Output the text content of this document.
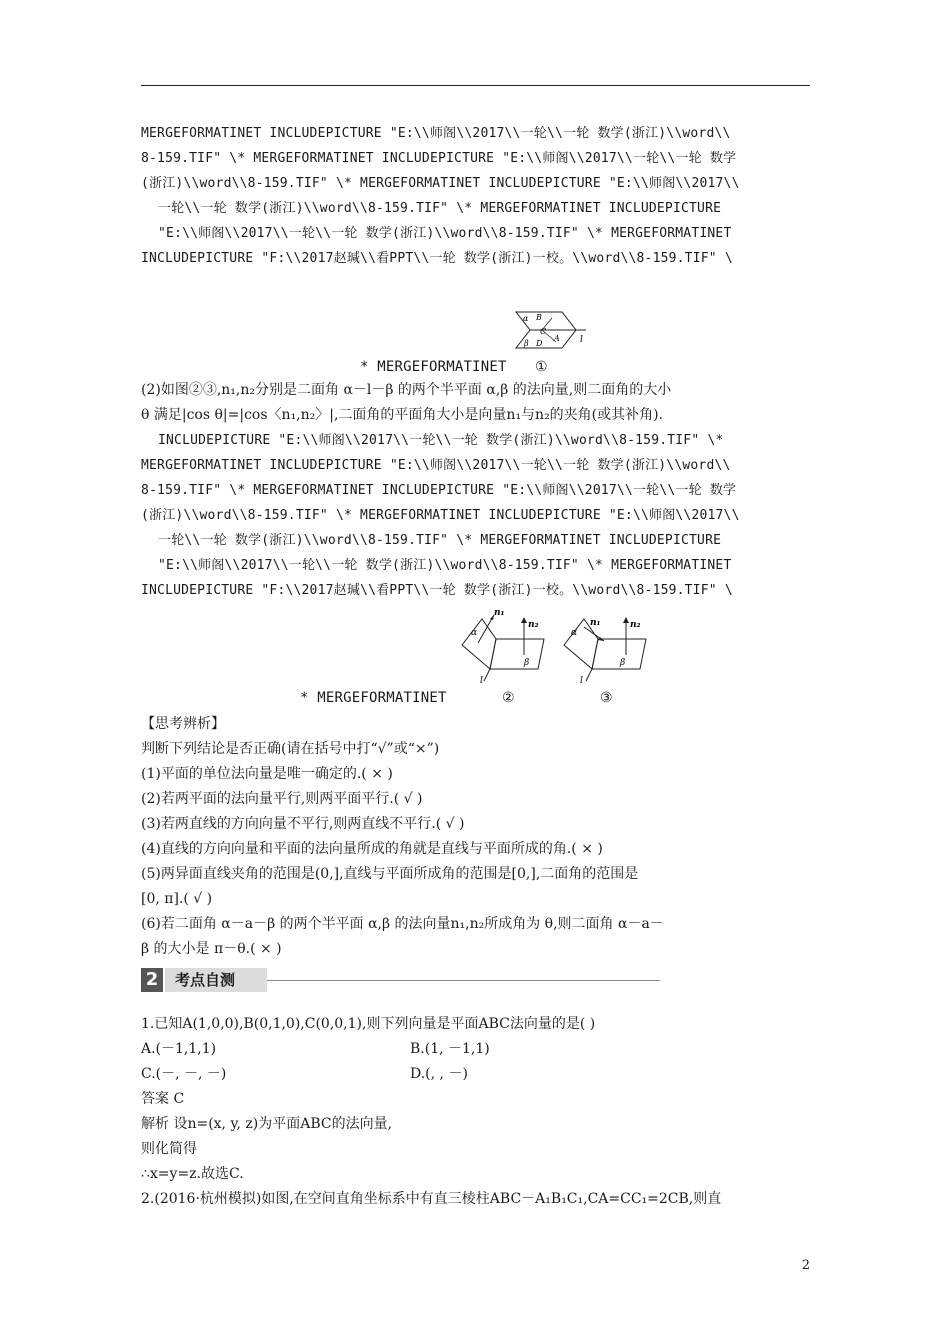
MERGEFORMATINET INCLUDEPICTURE "E:\\师阁\\2017\\一轮\\一轮 数学(浙江)\\word\\
8-159.TIF" \* MERGEFORMATINET INCLUDEPICTURE "E:\\师阁\\2017\\一轮\\一轮 数学
(浙江)\\word\\8-159.TIF" \* MERGEFORMATINET INCLUDEPICTURE "E:\\师阁\\2017\\
一轮\\一轮 数学(浙江)\\word\\8-159.TIF" \* MERGEFORMATINET INCLUDEPICTURE
"E:\\师阁\\2017\\一轮\\一轮 数学(浙江)\\word\\8-159.TIF" \* MERGEFORMATINET
INCLUDEPICTURE "F:\\2017赵瑊\\看PPT\\一轮 数学(浙江)一校。\\word\\8-159.TIF" \
α B
C
β D
A l
* MERGEFORMATINET ①
(2)如图②③,n₁,n₂分别是二面角 α－l－β 的两个半平面 α,β 的法向量,则二面角的大小
θ 满足|cos θ|=|cos〈n₁,n₂〉|,二面角的平面角大小是向量n₁与n₂的夹角(或其补角).
INCLUDEPICTURE "E:\\师阁\\2017\\一轮\\一轮 数学(浙江)\\word\\8-159.TIF" \*
MERGEFORMATINET INCLUDEPICTURE "E:\\师阁\\2017\\一轮\\一轮 数学(浙江)\\word\\
8-159.TIF" \* MERGEFORMATINET INCLUDEPICTURE "E:\\师阁\\2017\\一轮\\一轮 数学
(浙江)\\word\\8-159.TIF" \* MERGEFORMATINET INCLUDEPICTURE "E:\\师阁\\2017\\
一轮\\一轮 数学(浙江)\\word\\8-159.TIF" \* MERGEFORMATINET INCLUDEPICTURE
"E:\\师阁\\2017\\一轮\\一轮 数学(浙江)\\word\\8-159.TIF" \* MERGEFORMATINET
INCLUDEPICTURE "F:\\2017赵瑊\\看PPT\\一轮 数学(浙江)一校。\\word\\8-159.TIF" \
n₁
n₂
α
β
l
n₁	n₂
α
β
l
* MERGEFORMATINET	②	③
【思考辨析】
判断下列结论是否正确(请在括号中打“√”或“×”)
(1)平面的单位法向量是唯一确定的.( × )
(2)若两平面的法向量平行,则两平面平行.( √ )
(3)若两直线的方向向量不平行,则两直线不平行.( √ )
(4)直线的方向向量和平面的法向量所成的角就是直线与平面所成的角.( × )
(5)两异面直线夹角的范围是(0,],直线与平面所成角的范围是[0,],二面角的范围是
[0, π].( √ )
(6)若二面角 α－a－β 的两个半平面 α,β 的法向量n₁,n₂所成角为 θ,则二面角 α－a－
β 的大小是 π－θ.( × )
2	考点自测
1.已知A(1,0,0),B(0,1,0),C(0,0,1),则下列向量是平面ABC法向量的是( )
A.(－1,1,1)	B.(1, －1,1)
C.(－, －, －)	D.(, , －)
答案 C
解析 设n=(x, y, z)为平面ABC的法向量,
则化简得
∴x=y=z.故选C.
2.(2016·杭州模拟)如图,在空间直角坐标系中有直三棱柱ABC－A₁B₁C₁,CA=CC₁=2CB,则直
2
